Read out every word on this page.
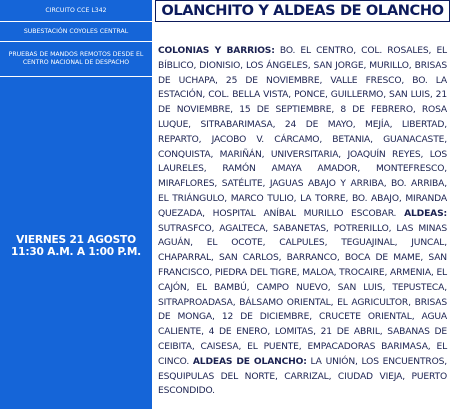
CIRCUITO CCE L342
SUBESTACIÓN COYOLES CENTRAL
PRUEBAS DE MANDOS REMOTOS DESDE EL CENTRO NACIONAL DE DESPACHO
VIERNES 21 AGOSTO
11:30 A.M. A 1:00 P.M.
OLANCHITO Y ALDEAS DE OLANCHO
COLONIAS Y BARRIOS: BO. EL CENTRO, COL. ROSALES, EL BÍBLICO, DIONISIO, LOS ÁNGELES, SAN JORGE, MURILLO, BRISAS DE UCHAPA, 25 DE NOVIEMBRE, VALLE FRESCO, BO. LA ESTACIÓN, COL. BELLA VISTA, PONCE, GUILLERMO, SAN LUIS, 21 DE NOVIEMBRE, 15 DE SEPTIEMBRE, 8 DE FEBRERO, ROSA LUQUE, SITRABARIMASA, 24 DE MAYO, MEJÍA, LIBERTAD, REPARTO, JACOBO V. CÁRCAMO, BETANIA, GUANACASTE, CONQUISTA, MARIÑÁN, UNIVERSITARIA, JOAQUÍN REYES, LOS LAURELES, RAMÓN AMAYA AMADOR, MONTEFRESCO, MIRAFLORES, SATÉLITE, JAGUAS ABAJO Y ARRIBA, BO. ARRIBA, EL TRIÁNGULO, MARCO TULIO, LA TORRE, BO. ABAJO, MIRANDA QUEZADA, HOSPITAL ANÍBAL MURILLO ESCOBAR. ALDEAS: SUTRASFCO, AGALTECA, SABANETAS, POTRERILLO, LAS MINAS AGUÁN, EL OCOTE, CALPULES, TEGUAJINAL, JUNCAL, CHAPARRAL, SAN CARLOS, BARRANCO, BOCA DE MAME, SAN FRANCISCO, PIEDRA DEL TIGRE, MALOA, TROCAIRE, ARMENIA, EL CAJÓN, EL BAMBÚ, CAMPO NUEVO, SAN LUIS, TEPUSTECA, SITRAPROADASA, BÁLSAMO ORIENTAL, EL AGRICULTOR, BRISAS DE MONGA, 12 DE DICIEMBRE, CRUCETE ORIENTAL, AGUA CALIENTE, 4 DE ENERO, LOMITAS, 21 DE ABRIL, SABANAS DE CEIBITA, CAISESA, EL PUENTE, EMPACADORAS BARIMASA, EL CINCO. ALDEAS DE OLANCHO: LA UNIÓN, LOS ENCUENTROS, ESQUIPULAS DEL NORTE, CARRIZAL, CIUDAD VIEJA, PUERTO ESCONDIDO.
